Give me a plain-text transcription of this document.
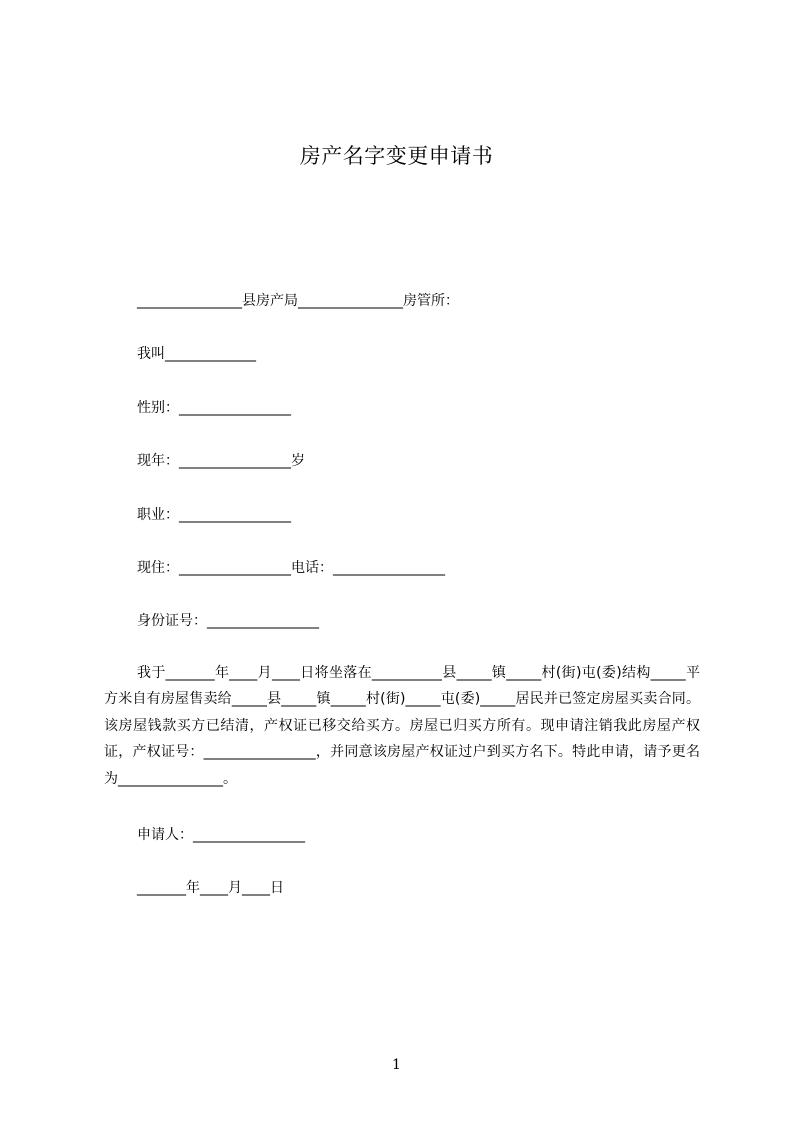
房产名字变更申请书
_______________县房产局_______________房管所：
我叫_____________
性别：________________
现年：________________岁
职业：________________
现住：________________电话：________________
身份证号：________________
我于_______年____月____日将坐落在__________县_____镇_____村(街)屯(委)结构_____平方米自有房屋售卖给_____县_____镇_____村(街)_____屯(委)_____居民并已签定房屋买卖合同。该房屋钱款买方已结清，产权证已移交给买方。房屋已归买方所有。现申请注销我此房屋产权证，产权证号：________________，并同意该房屋产权证过户到买方名下。特此申请，请予更名为_______________。
申请人：________________
_______年____月____日
1
